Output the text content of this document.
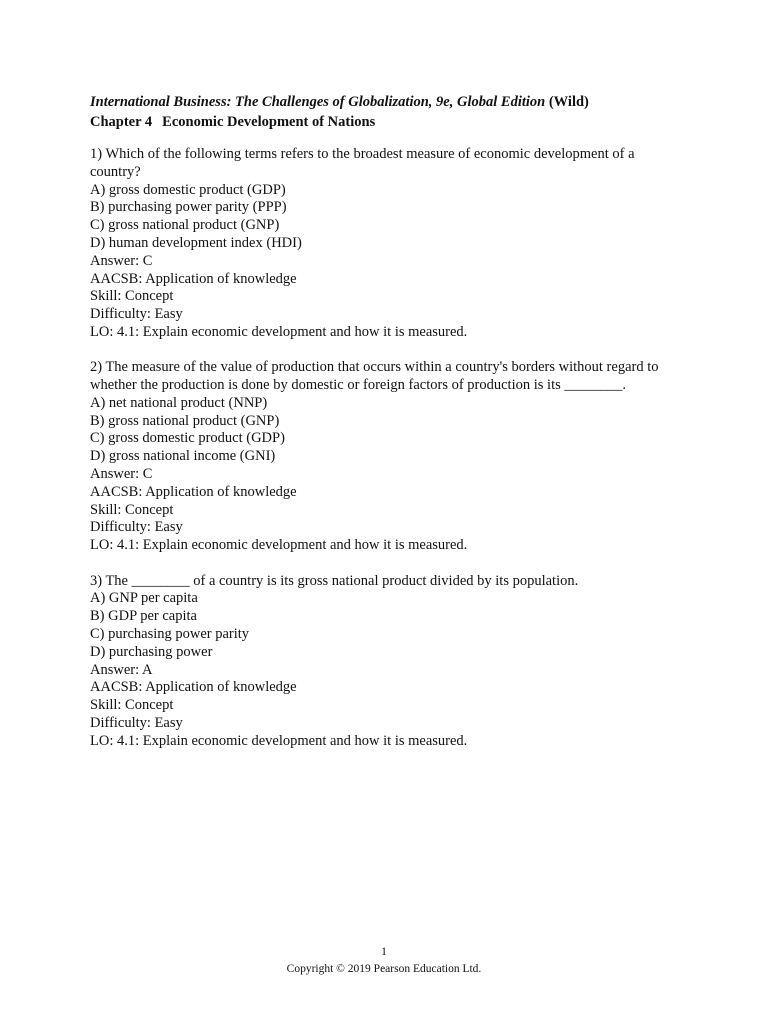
International Business: The Challenges of Globalization, 9e, Global Edition (Wild)
Chapter 4 Economic Development of Nations
1) Which of the following terms refers to the broadest measure of economic development of a country?
A) gross domestic product (GDP)
B) purchasing power parity (PPP)
C) gross national product (GNP)
D) human development index (HDI)
Answer: C
AACSB: Application of knowledge
Skill: Concept
Difficulty: Easy
LO: 4.1: Explain economic development and how it is measured.
2) The measure of the value of production that occurs within a country's borders without regard to whether the production is done by domestic or foreign factors of production is its ________.
A) net national product (NNP)
B) gross national product (GNP)
C) gross domestic product (GDP)
D) gross national income (GNI)
Answer: C
AACSB: Application of knowledge
Skill: Concept
Difficulty: Easy
LO: 4.1: Explain economic development and how it is measured.
3) The ________ of a country is its gross national product divided by its population.
A) GNP per capita
B) GDP per capita
C) purchasing power parity
D) purchasing power
Answer: A
AACSB: Application of knowledge
Skill: Concept
Difficulty: Easy
LO: 4.1: Explain economic development and how it is measured.
1
Copyright © 2019 Pearson Education Ltd.
